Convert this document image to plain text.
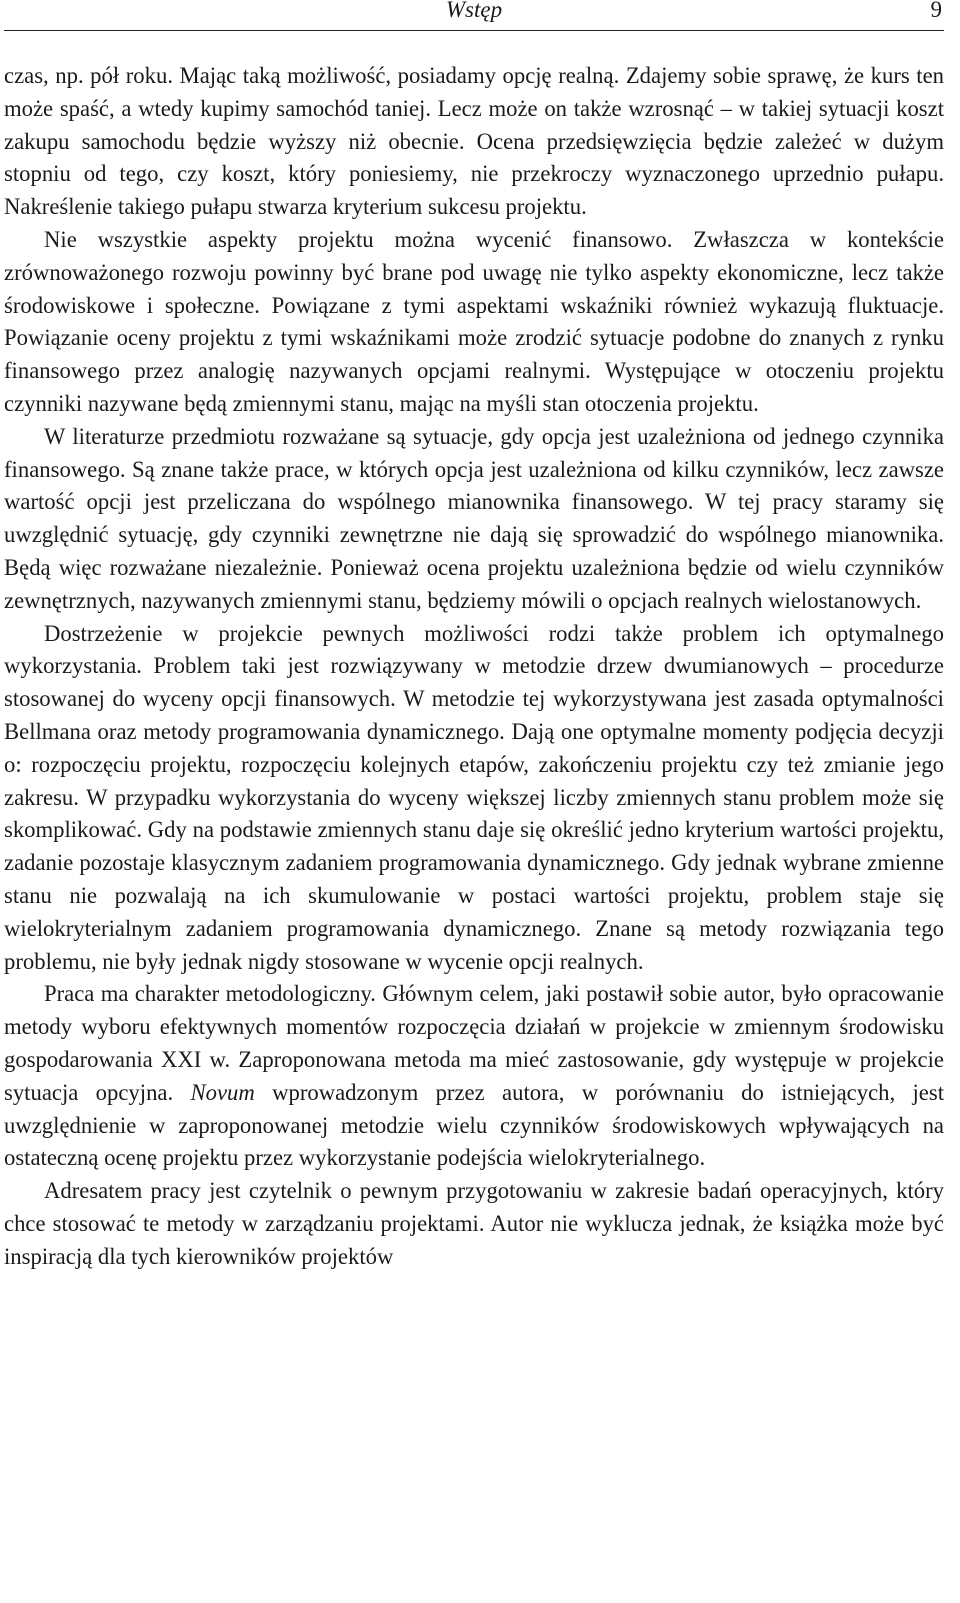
Wstęp	9

czas, np. pół roku. Mając taką możliwość, posiadamy opcję realną. Zdajemy sobie sprawę, że kurs ten może spaść, a wtedy kupimy samochód taniej. Lecz może on także wzrosnąć – w takiej sytuacji koszt zakupu samochodu będzie wyższy niż obecnie. Ocena przedsięwzięcia będzie zależeć w dużym stopniu od tego, czy koszt, który poniesiemy, nie przekroczy wyznaczonego uprzednio pułapu. Nakreślenie takiego pułapu stwarza kryterium sukcesu projektu.

Nie wszystkie aspekty projektu można wycenić finansowo. Zwłaszcza w kontekście zrównoważonego rozwoju powinny być brane pod uwagę nie tylko aspekty ekonomiczne, lecz także środowiskowe i społeczne. Powiązane z tymi aspektami wskaźniki również wykazują fluktuacje. Powiązanie oceny projektu z tymi wskaźnikami może zrodzić sytuacje podobne do znanych z rynku finansowego przez analogię nazywanych opcjami realnymi. Występujące w otoczeniu projektu czynniki nazywane będą zmiennymi stanu, mając na myśli stan otoczenia projektu.

W literaturze przedmiotu rozważane są sytuacje, gdy opcja jest uzależniona od jednego czynnika finansowego. Są znane także prace, w których opcja jest uzależniona od kilku czynników, lecz zawsze wartość opcji jest przeliczana do wspólnego mianownika finansowego. W tej pracy staramy się uwzględnić sytuację, gdy czynniki zewnętrzne nie dają się sprowadzić do wspólnego mianownika. Będą więc rozważane niezależnie. Ponieważ ocena projektu uzależniona będzie od wielu czynników zewnętrznych, nazywanych zmiennymi stanu, będziemy mówili o opcjach realnych wielostanowych.

Dostrzeżenie w projekcie pewnych możliwości rodzi także problem ich optymalnego wykorzystania. Problem taki jest rozwiązywany w metodzie drzew dwumianowych – procedurze stosowanej do wyceny opcji finansowych. W metodzie tej wykorzystywana jest zasada optymalności Bellmana oraz metody programowania dynamicznego. Dają one optymalne momenty podjęcia decyzji o: rozpoczęciu projektu, rozpoczęciu kolejnych etapów, zakończeniu projektu czy też zmianie jego zakresu. W przypadku wykorzystania do wyceny większej liczby zmiennych stanu problem może się skomplikować. Gdy na podstawie zmiennych stanu daje się określić jedno kryterium wartości projektu, zadanie pozostaje klasycznym zadaniem programowania dynamicznego. Gdy jednak wybrane zmienne stanu nie pozwalają na ich skumulowanie w postaci wartości projektu, problem staje się wielokryterialnym zadaniem programowania dynamicznego. Znane są metody rozwiązania tego problemu, nie były jednak nigdy stosowane w wycenie opcji realnych.

Praca ma charakter metodologiczny. Głównym celem, jaki postawił sobie autor, było opracowanie metody wyboru efektywnych momentów rozpoczęcia działań w projekcie w zmiennym środowisku gospodarowania XXI w. Zaproponowana metoda ma mieć zastosowanie, gdy występuje w projekcie sytuacja opcyjna. Novum wprowadzonym przez autora, w porównaniu do istniejących, jest uwzględnienie w zaproponowanej metodzie wielu czynników środowiskowych wpływających na ostateczną ocenę projektu przez wykorzystanie podejścia wielokryterialnego.

Adresatem pracy jest czytelnik o pewnym przygotowaniu w zakresie badań operacyjnych, który chce stosować te metody w zarządzaniu projektami. Autor nie wyklucza jednak, że książka może być inspiracją dla tych kierowników projektów
